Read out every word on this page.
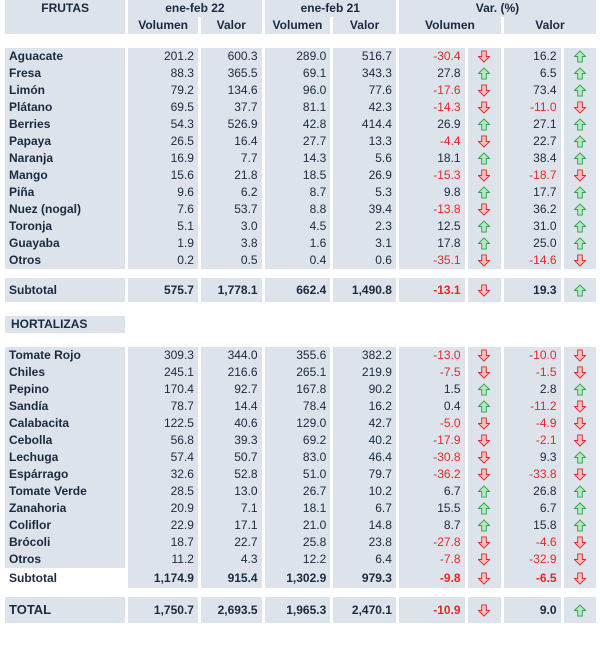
FRUTAS	ene-feb 22		ene-feb 21		Var. (%)			
	Volumen	Valor	Volumen	Valor	Volumen		Valor	

Aguacate	201.2	600.3	289.0	516.7	-30.4		16.2	
Fresa	88.3	365.5	69.1	343.3	27.8		6.5	
Limón	79.2	134.6	96.0	77.6	-17.6		73.4	
Plátano	69.5	37.7	81.1	42.3	-14.3		-11.0	
Berries	54.3	526.9	42.8	414.4	26.9		27.1	
Papaya	26.5	16.4	27.7	13.3	-4.4		22.7	
Naranja	16.9	7.7	14.3	5.6	18.1		38.4	
Mango	15.6	21.8	18.5	26.9	-15.3		-18.7	
Piña	9.6	6.2	8.7	5.3	9.8		17.7	
Nuez (nogal)	7.6	53.7	8.8	39.4	-13.8		36.2	
Toronja	5.1	3.0	4.5	2.3	12.5		31.0	
Guayaba	1.9	3.8	1.6	3.1	17.8		25.0	
Otros	0.2	0.5	0.4	0.6	-35.1		-14.6	

Subtotal	575.7	1,778.1	662.4	1,490.8	-13.1		19.3	

HORTALIZAS								

Tomate Rojo	309.3	344.0	355.6	382.2	-13.0		-10.0	
Chiles	245.1	216.6	265.1	219.9	-7.5		-1.5	
Pepino	170.4	92.7	167.8	90.2	1.5		2.8	
Sandía	78.7	14.4	78.4	16.2	0.4		-11.2	
Calabacita	122.5	40.6	129.0	42.7	-5.0		-4.9	
Cebolla	56.8	39.3	69.2	40.2	-17.9		-2.1	
Lechuga	57.4	50.7	83.0	46.4	-30.8		9.3	
Espárrago	32.6	52.8	51.0	79.7	-36.2		-33.8	
Tomate Verde	28.5	13.0	26.7	10.2	6.7		26.8	
Zanahoria	20.9	7.1	18.1	6.7	15.5		6.7	
Coliflor	22.9	17.1	21.0	14.8	8.7		15.8	
Brócoli	18.7	22.7	25.8	23.8	-27.8		-4.6	
Otros	11.2	4.3	12.2	6.4	-7.8		-32.9	
Subtotal	1,174.9	915.4	1,302.9	979.3	-9.8		-6.5	

TOTAL	1,750.7	2,693.5	1,965.3	2,470.1	-10.9		9.0	
